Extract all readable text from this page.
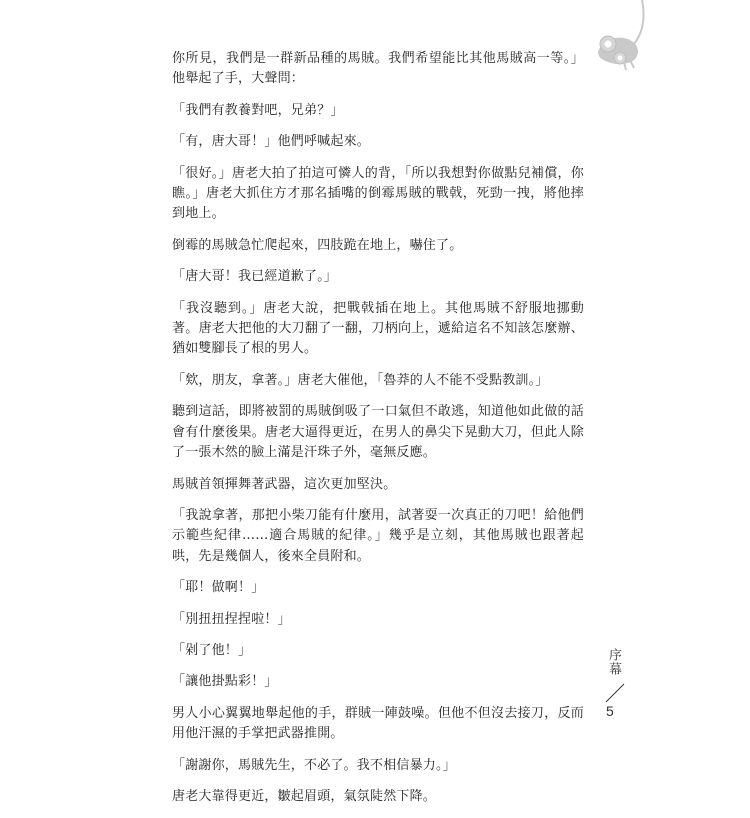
你所見，我們是一群新品種的馬賊。我們希望能比其他馬賊高一等。」他舉起了手，大聲問：

「我們有教養對吧，兄弟？」

「有，唐大哥！」他們呼喊起來。

「很好。」唐老大拍了拍這可憐人的背，「所以我想對你做點兒補償，你瞧。」唐老大抓住方才那名插嘴的倒霉馬賊的戰戟，死勁一拽，將他摔到地上。

倒霉的馬賊急忙爬起來，四肢跪在地上，嚇住了。

「唐大哥！我已經道歉了。」

「我沒聽到。」唐老大說，把戰戟插在地上。其他馬賊不舒服地挪動著。唐老大把他的大刀翻了一翻，刀柄向上，遞給這名不知該怎麼辦、猶如雙腳長了根的男人。

「欸，朋友，拿著。」唐老大催他，「魯莽的人不能不受點教訓。」

聽到這話，即將被罰的馬賊倒吸了一口氣但不敢逃，知道他如此做的話會有什麼後果。唐老大逼得更近，在男人的鼻尖下晃動大刀，但此人除了一張木然的臉上滿是汗珠子外，毫無反應。

馬賊首領揮舞著武器，這次更加堅決。

「我說拿著，那把小柴刀能有什麼用，試著耍一次真正的刀吧！給他們示範些紀律……適合馬賊的紀律。」幾乎是立刻，其他馬賊也跟著起哄，先是幾個人，後來全員附和。

「耶！做啊！」

「別扭扭捏捏啦！」

「剁了他！」

「讓他掛點彩！」

男人小心翼翼地舉起他的手，群賊一陣鼓噪。但他不但沒去接刀，反而用他汗濕的手掌把武器推開。

「謝謝你，馬賊先生，不必了。我不相信暴力。」

唐老大靠得更近，皺起眉頭，氣氛陡然下降。

序幕
5
